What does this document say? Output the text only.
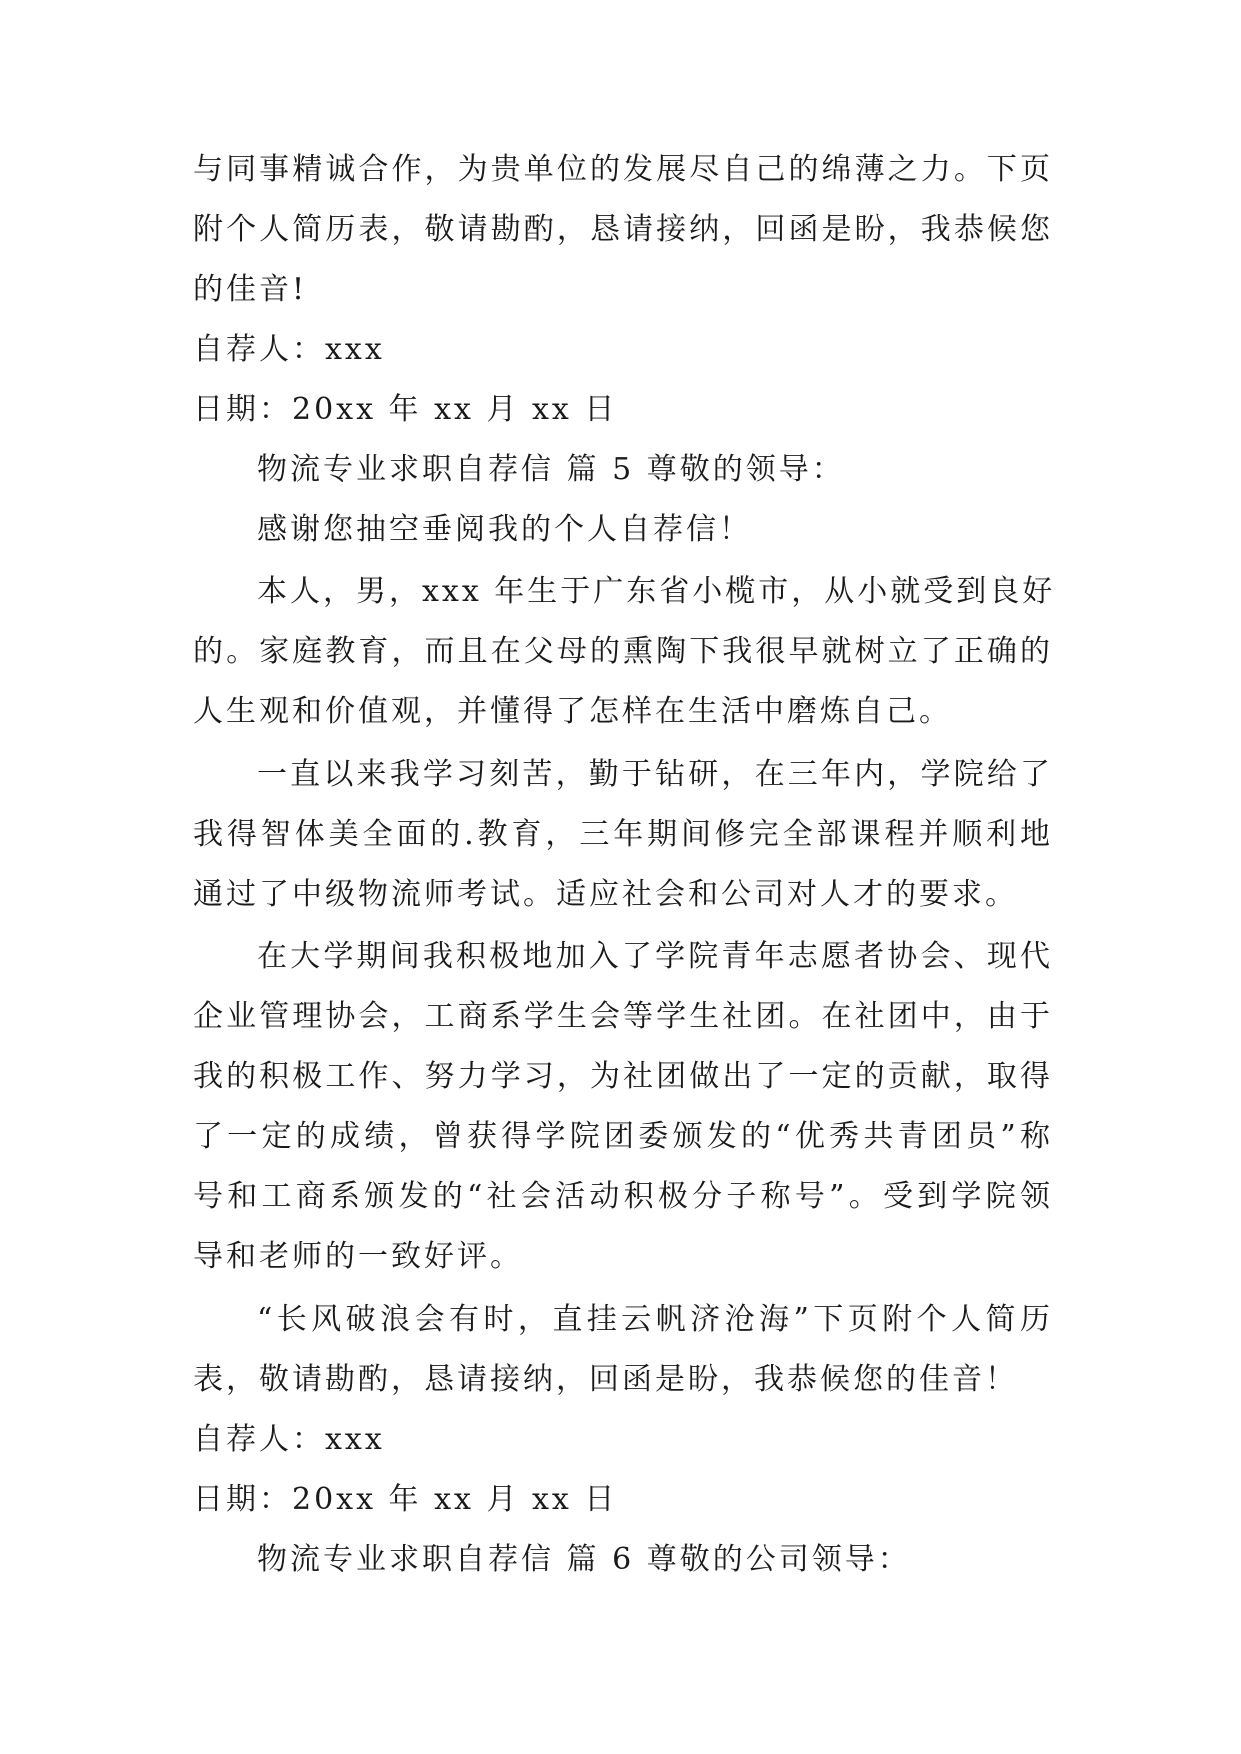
与同事精诚合作，为贵单位的发展尽自己的绵薄之力。下页
附个人简历表，敬请勘酌，恳请接纳，回函是盼，我恭候您
的佳音!
自荐人：xxx
日期：20xx 年 xx 月 xx 日
物流专业求职自荐信 篇 5 尊敬的领导：
感谢您抽空垂阅我的个人自荐信！
本人，男，xxx 年生于广东省小榄市，从小就受到良好
的。家庭教育，而且在父母的熏陶下我很早就树立了正确的
人生观和价值观，并懂得了怎样在生活中磨炼自己。
一直以来我学习刻苦，勤于钻研，在三年内，学院给了
我得智体美全面的.教育，三年期间修完全部课程并顺利地
通过了中级物流师考试。适应社会和公司对人才的要求。
在大学期间我积极地加入了学院青年志愿者协会、现代
企业管理协会，工商系学生会等学生社团。在社团中，由于
我的积极工作、努力学习，为社团做出了一定的贡献，取得
了一定的成绩，曾获得学院团委颁发的“优秀共青团员”称
号和工商系颁发的“社会活动积极分子称号”。受到学院领
导和老师的一致好评。
“长风破浪会有时，直挂云帆济沧海”下页附个人简历
表，敬请勘酌，恳请接纳，回函是盼，我恭候您的佳音！
自荐人：xxx
日期：20xx 年 xx 月 xx 日
物流专业求职自荐信 篇 6 尊敬的公司领导：
